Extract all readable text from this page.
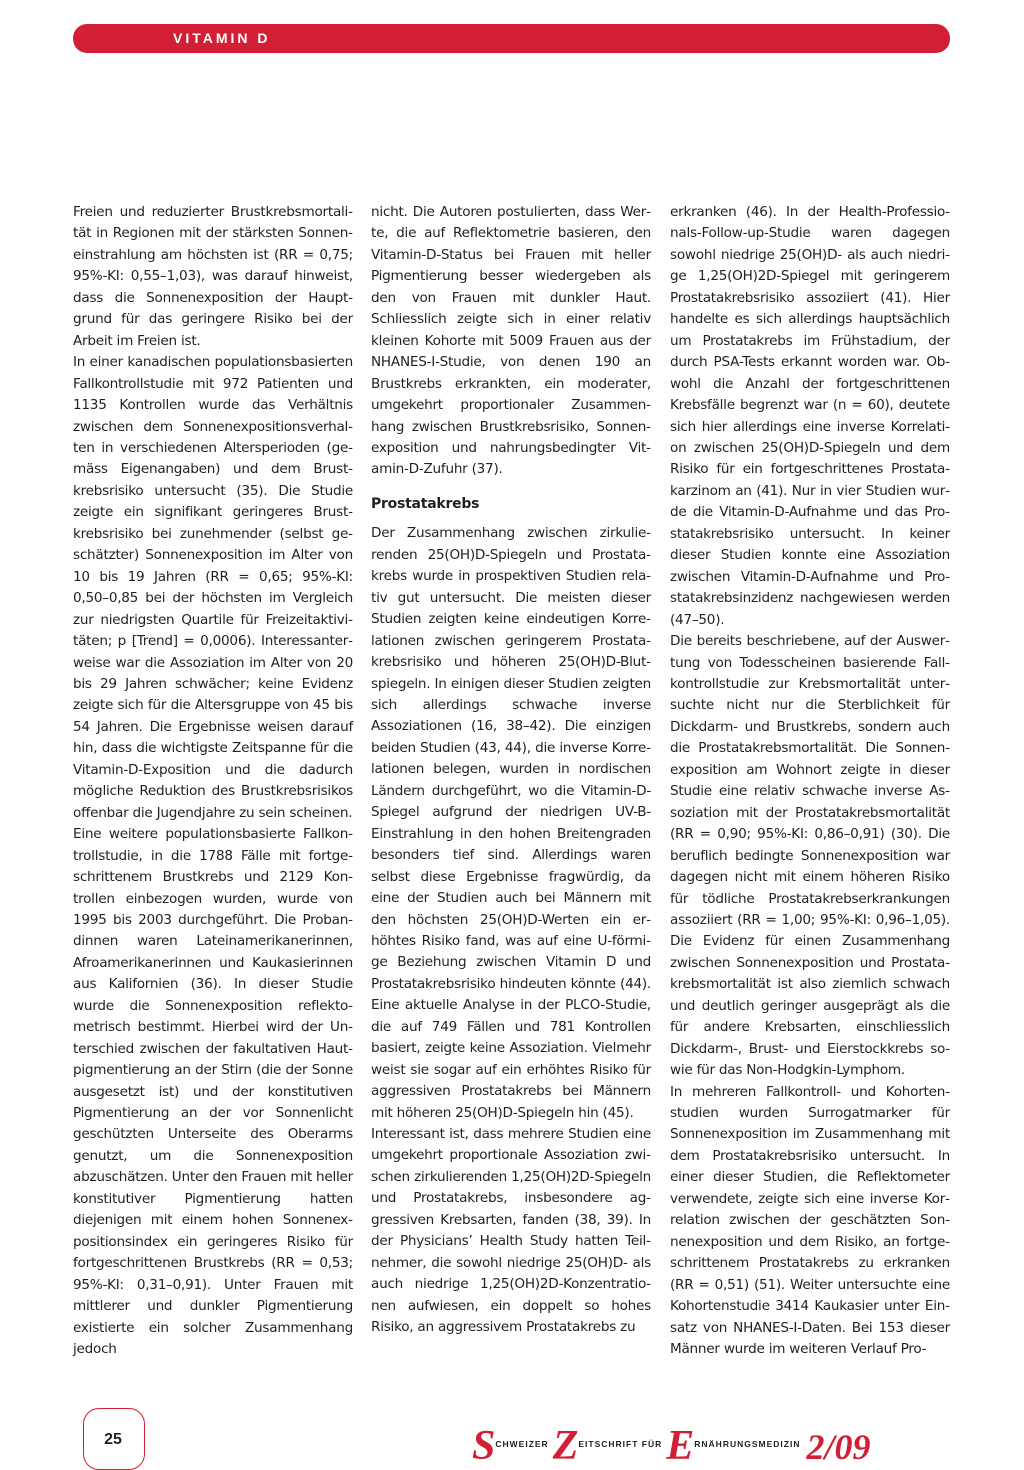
VITAMIN D

Freien und reduzierter Brustkrebsmortalität in Regionen mit der stärksten Sonneneinstrahlung am höchsten ist (RR = 0,75; 95%-KI: 0,55–1,03), was darauf hinweist, dass die Sonnenexposition der Hauptgrund für das geringere Risiko bei der Arbeit im Freien ist.

In einer kanadischen populationsbasierten Fallkontrollstudie mit 972 Patienten und 1135 Kontrollen wurde das Verhältnis zwischen dem Sonnenexpositionsverhalten in verschiedenen Altersperioden (gemäss Eigenangaben) und dem Brustkrebsrisiko untersucht (35). Die Studie zeigte ein signifikant geringeres Brustkrebsrisiko bei zunehmender (selbst geschätzter) Sonnenexposition im Alter von 10 bis 19 Jahren (RR = 0,65; 95%-KI: 0,50–0,85 bei der höchsten im Vergleich zur niedrigsten Quartile für Freizeitaktivitäten; p [Trend] = 0,0006). Interessanterweise war die Assoziation im Alter von 20 bis 29 Jahren schwächer; keine Evidenz zeigte sich für die Altersgruppe von 45 bis 54 Jahren. Die Ergebnisse weisen darauf hin, dass die wichtigste Zeitspanne für die Vitamin-D-Exposition und die dadurch mögliche Reduktion des Brustkrebsrisikos offenbar die Jugendjahre zu sein scheinen.

Eine weitere populationsbasierte Fallkontrollstudie, in die 1788 Fälle mit fortgeschrittenem Brustkrebs und 2129 Kontrollen einbezogen wurden, wurde von 1995 bis 2003 durchgeführt. Die Probandinnen waren Lateinamerikanerinnen, Afroamerikanerinnen und Kaukasierinnen aus Kalifornien (36). In dieser Studie wurde die Sonnenexposition reflektometrisch bestimmt. Hierbei wird der Unterschied zwischen der fakultativen Hautpigmentierung an der Stirn (die der Sonne ausgesetzt ist) und der konstitutiven Pigmentierung an der vor Sonnenlicht geschützten Unterseite des Oberarms genutzt, um die Sonnenexposition abzuschätzen. Unter den Frauen mit heller konstitutiver Pigmentierung hatten diejenigen mit einem hohen Sonnenexpositionsindex ein geringeres Risiko für fortgeschrittenen Brustkrebs (RR = 0,53; 95%-KI: 0,31–0,91). Unter Frauen mit mittlerer und dunkler Pigmentierung existierte ein solcher Zusammenhang jedoch

nicht. Die Autoren postulierten, dass Werte, die auf Reflektometrie basieren, den Vitamin-D-Status bei Frauen mit heller Pigmentierung besser wiedergeben als den von Frauen mit dunkler Haut. Schliesslich zeigte sich in einer relativ kleinen Kohorte mit 5009 Frauen aus der NHANES-I-Studie, von denen 190 an Brustkrebs erkrankten, ein moderater, umgekehrt proportionaler Zusammenhang zwischen Brustkrebsrisiko, Sonnenexposition und nahrungsbedingter Vitamin-D-Zufuhr (37).

Prostatakrebs

Der Zusammenhang zwischen zirkulierenden 25(OH)D-Spiegeln und Prostatakrebs wurde in prospektiven Studien relativ gut untersucht. Die meisten dieser Studien zeigten keine eindeutigen Korrelationen zwischen geringerem Prostatakrebsrisiko und höheren 25(OH)D-Blutspiegeln. In einigen dieser Studien zeigten sich allerdings schwache inverse Assoziationen (16, 38–42). Die einzigen beiden Studien (43, 44), die inverse Korrelationen belegen, wurden in nordischen Ländern durchgeführt, wo die Vitamin-D-Spiegel aufgrund der niedrigen UV-B-Einstrahlung in den hohen Breitengraden besonders tief sind. Allerdings waren selbst diese Ergebnisse fragwürdig, da eine der Studien auch bei Männern mit den höchsten 25(OH)D-Werten ein erhöhtes Risiko fand, was auf eine U-förmige Beziehung zwischen Vitamin D und Prostatakrebsrisiko hindeuten könnte (44). Eine aktuelle Analyse in der PLCO-Studie, die auf 749 Fällen und 781 Kontrollen basiert, zeigte keine Assoziation. Vielmehr weist sie sogar auf ein erhöhtes Risiko für aggressiven Prostatakrebs bei Männern mit höheren 25(OH)D-Spiegeln hin (45).

Interessant ist, dass mehrere Studien eine umgekehrt proportionale Assoziation zwischen zirkulierenden 1,25(OH)2D-Spiegeln und Prostatakrebs, insbesondere aggressiven Krebsarten, fanden (38, 39). In der Physicians’ Health Study hatten Teilnehmer, die sowohl niedrige 25(OH)D- als auch niedrige 1,25(OH)2D-Konzentrationen aufwiesen, ein doppelt so hohes Risiko, an aggressivem Prostatakrebs zu

erkranken (46). In der Health-Professionals-Follow-up-Studie waren dagegen sowohl niedrige 25(OH)D- als auch niedrige 1,25(OH)2D-Spiegel mit geringerem Prostatakrebsrisiko assoziiert (41). Hier handelte es sich allerdings hauptsächlich um Prostatakrebs im Frühstadium, der durch PSA-Tests erkannt worden war. Obwohl die Anzahl der fortgeschrittenen Krebsfälle begrenzt war (n = 60), deutete sich hier allerdings eine inverse Korrelation zwischen 25(OH)D-Spiegeln und dem Risiko für ein fortgeschrittenes Prostatakarzinom an (41). Nur in vier Studien wurde die Vitamin-D-Aufnahme und das Prostatakrebsrisiko untersucht. In keiner dieser Studien konnte eine Assoziation zwischen Vitamin-D-Aufnahme und Prostatakrebsinzidenz nachgewiesen werden (47–50).

Die bereits beschriebene, auf der Auswertung von Todesscheinen basierende Fallkontrollstudie zur Krebsmortalität untersuchte nicht nur die Sterblichkeit für Dickdarm- und Brustkrebs, sondern auch die Prostatakrebsmortalität. Die Sonnenexposition am Wohnort zeigte in dieser Studie eine relativ schwache inverse Assoziation mit der Prostatakrebsmortalität (RR = 0,90; 95%-KI: 0,86–0,91) (30). Die beruflich bedingte Sonnenexposition war dagegen nicht mit einem höheren Risiko für tödliche Prostatakrebserkrankungen assoziiert (RR = 1,00; 95%-KI: 0,96–1,05). Die Evidenz für einen Zusammenhang zwischen Sonnenexposition und Prostatakrebsmortalität ist also ziemlich schwach und deutlich geringer ausgeprägt als die für andere Krebsarten, einschliesslich Dickdarm-, Brust- und Eierstockkrebs sowie für das Non-Hodgkin-Lymphom.

In mehreren Fallkontroll- und Kohortenstudien wurden Surrogatmarker für Sonnenexposition im Zusammenhang mit dem Prostatakrebsrisiko untersucht. In einer dieser Studien, die Reflektometer verwendete, zeigte sich eine inverse Korrelation zwischen der geschätzten Sonnenexposition und dem Risiko, an fortgeschrittenem Prostatakrebs zu erkranken (RR = 0,51) (51). Weiter untersuchte eine Kohortenstudie 3414 Kaukasier unter Einsatz von NHANES-I-Daten. Bei 153 dieser Männer wurde im weiteren Verlauf Pro-

25	$S^{CHWEIZER}$ $Z^{EITSCHRIFT FÜR}$ $E^{RNÄHRUNGSMEDIZIN}$ 2/09
